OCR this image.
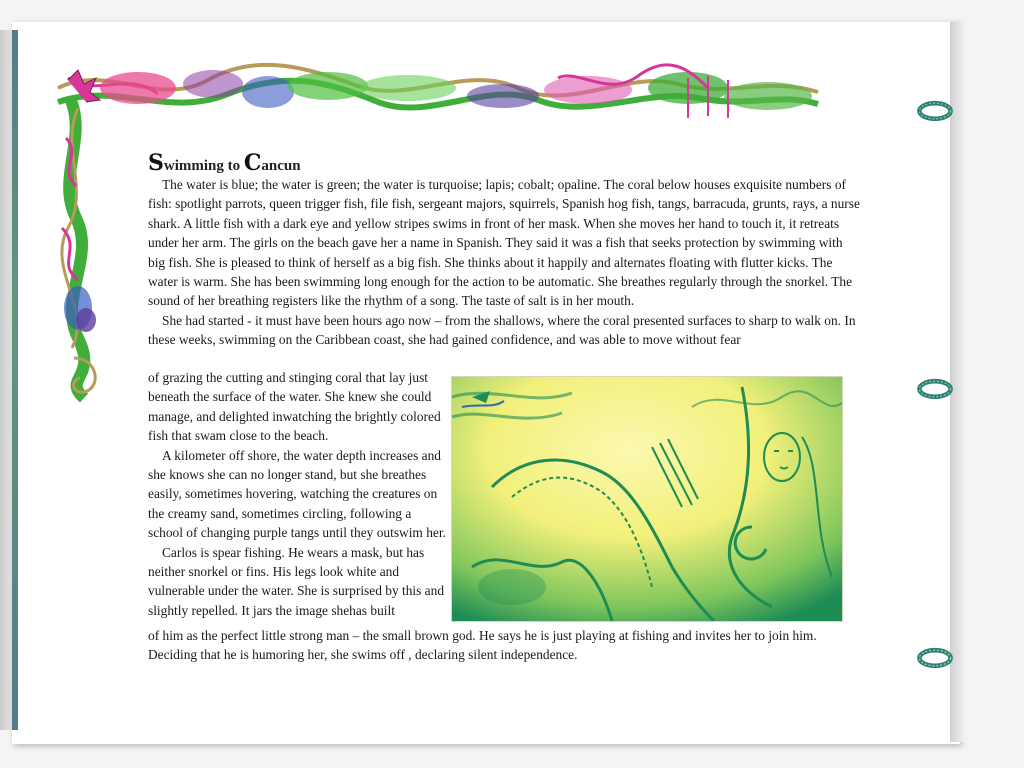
Swimming to Cancun

The water is blue; the water is green; the water is turquoise; lapis; cobalt; opaline. The coral below houses exquisite numbers of fish: spotlight parrots, queen trigger fish, file fish, sergeant majors, squirrels, Spanish hog fish, tangs, barracuda, grunts, rays, a nurse shark. A little fish with a dark eye and yellow stripes swims in front of her mask. When she moves her hand to touch it, it retreats under her arm. The girls on the beach gave her a name in Spanish. They said it was a fish that seeks protection by swimming with big fish. She is pleased to think of herself as a big fish. She thinks about it happily and alternates floating with flutter kicks. The water is warm. She has been swimming long enough for the action to be automatic. She breathes regularly through the snorkel. The sound of her breathing registers like the rhythm of a song. The taste of salt is in her mouth.

She had started - it must have been hours ago now – from the shallows, where the coral presented surfaces to sharp to walk on. In these weeks, swimming on the Caribbean coast, she had gained confidence, and was able to move without fear

of grazing the cutting and stinging coral that lay just beneath the surface of the water. She knew she could manage, and delighted inwatching the brightly colored fish that swam close to the beach.

A kilometer off shore, the water depth increases and she knows she can no longer stand, but she breathes easily, sometimes hovering, watching the creatures on the creamy sand, sometimes circling, following a school of changing purple tangs until they outswim her.

Carlos is spear fishing. He wears a mask, but has neither snorkel or fins. His legs look white and vulnerable under the water. She is surprised by this and slightly repelled. It jars the image shehas built

of him as the perfect little strong man – the small brown god. He says he is just playing at fishing and invites her to join him. Deciding that he is humoring her, she swims off , declaring silent independence.
